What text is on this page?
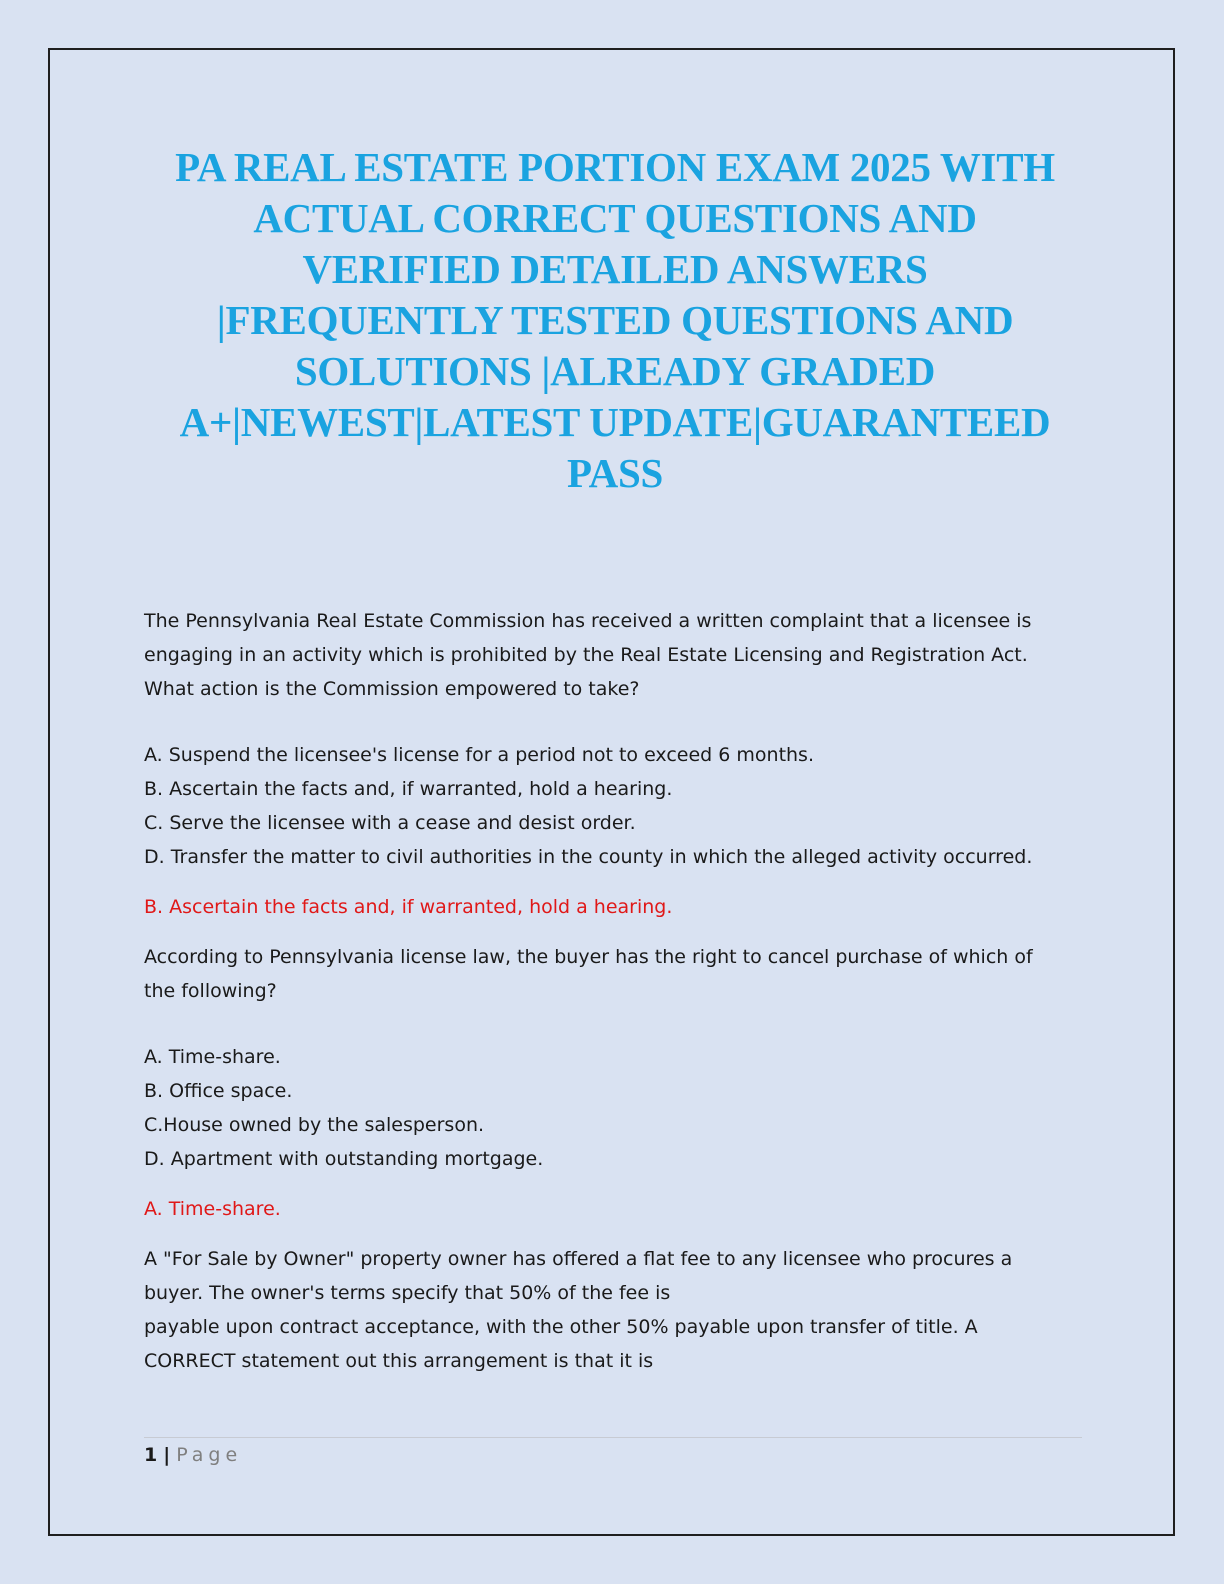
PA REAL ESTATE PORTION EXAM 2025 WITH
ACTUAL CORRECT QUESTIONS AND
VERIFIED DETAILED ANSWERS
|FREQUENTLY TESTED QUESTIONS AND
SOLUTIONS |ALREADY GRADED
A+|NEWEST|LATEST UPDATE|GUARANTEED
PASS

The Pennsylvania Real Estate Commission has received a written complaint that a licensee is

engaging in an activity which is prohibited by the Real Estate Licensing and Registration Act.

What action is the Commission empowered to take?

A. Suspend the licensee's license for a period not to exceed 6 months.

B. Ascertain the facts and, if warranted, hold a hearing.

C. Serve the licensee with a cease and desist order.

D. Transfer the matter to civil authorities in the county in which the alleged activity occurred.

B. Ascertain the facts and, if warranted, hold a hearing.

According to Pennsylvania license law, the buyer has the right to cancel purchase of which of

the following?

A. Time-share.

B. Office space.

C.House owned by the salesperson.

D. Apartment with outstanding mortgage.

A. Time-share.

A "For Sale by Owner" property owner has offered a flat fee to any licensee who procures a

buyer. The owner's terms specify that 50% of the fee is

payable upon contract acceptance, with the other 50% payable upon transfer of title. A

CORRECT statement out this arrangement is that it is

1 | Page
